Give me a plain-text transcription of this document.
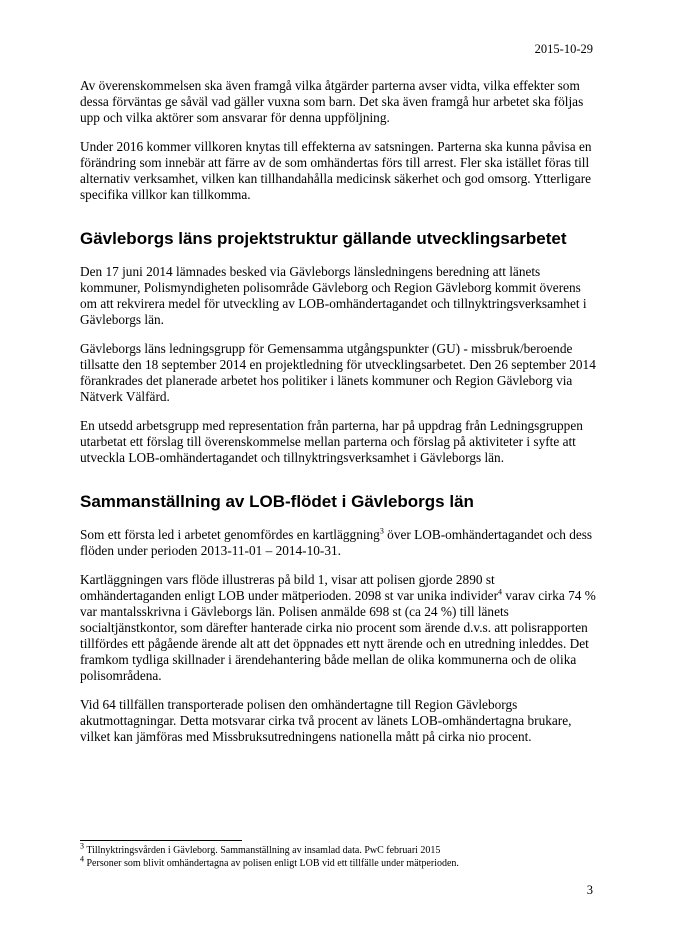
2015-10-29

Av överenskommelsen ska även framgå vilka åtgärder parterna avser vidta, vilka effekter som dessa förväntas ge såväl vad gäller vuxna som barn. Det ska även framgå hur arbetet ska följas upp och vilka aktörer som ansvarar för denna uppföljning.

Under 2016 kommer villkoren knytas till effekterna av satsningen. Parterna ska kunna påvisa en förändring som innebär att färre av de som omhändertas förs till arrest. Fler ska istället föras till alternativ verksamhet, vilken kan tillhandahålla medicinsk säkerhet och god omsorg. Ytterligare specifika villkor kan tillkomma.

Gävleborgs läns projektstruktur gällande utvecklingsarbetet

Den 17 juni 2014 lämnades besked via Gävleborgs länsledningens beredning att länets kommuner, Polismyndigheten polisområde Gävleborg och Region Gävleborg kommit överens om att rekvirera medel för utveckling av LOB-omhändertagandet och tillnyktringsverksamhet i Gävleborgs län.

Gävleborgs läns ledningsgrupp för Gemensamma utgångspunkter (GU) - missbruk/beroende tillsatte den 18 september 2014 en projektledning för utvecklingsarbetet. Den 26 september 2014 förankrades det planerade arbetet hos politiker i länets kommuner och Region Gävleborg via Nätverk Välfärd.

En utsedd arbetsgrupp med representation från parterna, har på uppdrag från Ledningsgruppen utarbetat ett förslag till överenskommelse mellan parterna och förslag på aktiviteter i syfte att utveckla LOB-omhändertagandet och tillnyktringsverksamhet i Gävleborgs län.

Sammanställning av LOB-flödet i Gävleborgs län

Som ett första led i arbetet genomfördes en kartläggning$^3$ över LOB-omhändertagandet och dess flöden under perioden 2013-11-01 – 2014-10-31.

Kartläggningen vars flöde illustreras på bild 1, visar att polisen gjorde 2890 st omhändertaganden enligt LOB under mätperioden. 2098 st var unika individer$^4$ varav cirka 74 % var mantalsskrivna i Gävleborgs län. Polisen anmälde 698 st (ca 24 %) till länets socialtjänstkontor, som därefter hanterade cirka nio procent som ärende d.v.s. att polisrapporten tillfördes ett pågående ärende alt att det öppnades ett nytt ärende och en utredning inleddes. Det framkom tydliga skillnader i ärendehantering både mellan de olika kommunerna och de olika polisområdena.

Vid 64 tillfällen transporterade polisen den omhändertagne till Region Gävleborgs akutmottagningar. Detta motsvarar cirka två procent av länets LOB-omhändertagna brukare, vilket kan jämföras med Missbruksutredningens nationella mått på cirka nio procent.

$^3$ Tillnyktringsvården i Gävleborg. Sammanställning av insamlad data. PwC februari 2015
$^4$ Personer som blivit omhändertagna av polisen enligt LOB vid ett tillfälle under mätperioden.
3
